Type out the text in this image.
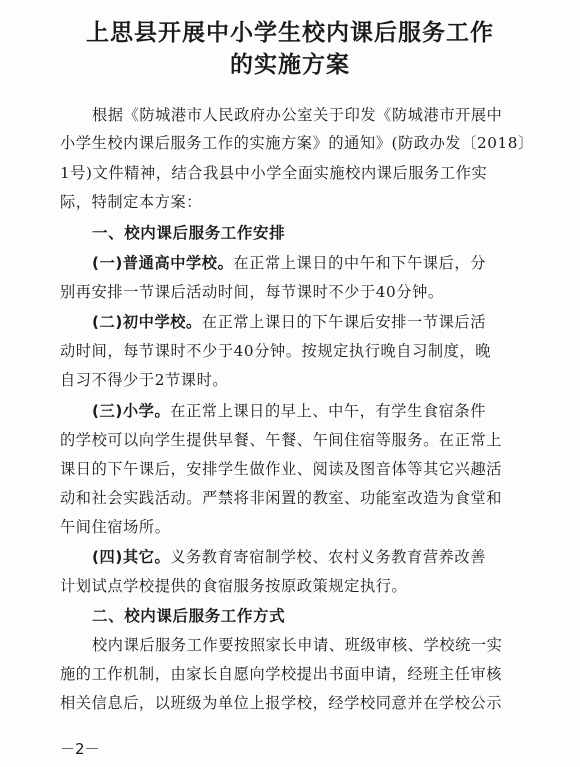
上思县开展中小学生校内课后服务工作
的实施方案

根据《防城港市人民政府办公室关于印发《防城港市开展中

小学生校内课后服务工作的实施方案》的通知》(防政办发〔2018〕

1号)文件精神，结合我县中小学全面实施校内课后服务工作实

际，特制定本方案：

一、校内课后服务工作安排

(一)普通高中学校。在正常上课日的中午和下午课后，分

别再安排一节课后活动时间，每节课时不少于40分钟。

(二)初中学校。在正常上课日的下午课后安排一节课后活

动时间，每节课时不少于40分钟。按规定执行晚自习制度，晚

自习不得少于2节课时。

(三)小学。在正常上课日的早上、中午，有学生食宿条件

的学校可以向学生提供早餐、午餐、午间住宿等服务。在正常上

课日的下午课后，安排学生做作业、阅读及图音体等其它兴趣活

动和社会实践活动。严禁将非闲置的教室、功能室改造为食堂和

午间住宿场所。

(四)其它。义务教育寄宿制学校、农村义务教育营养改善

计划试点学校提供的食宿服务按原政策规定执行。

二、校内课后服务工作方式

校内课后服务工作要按照家长申请、班级审核、学校统一实

施的工作机制，由家长自愿向学校提出书面申请，经班主任审核

相关信息后，以班级为单位上报学校，经学校同意并在学校公示

－2－
